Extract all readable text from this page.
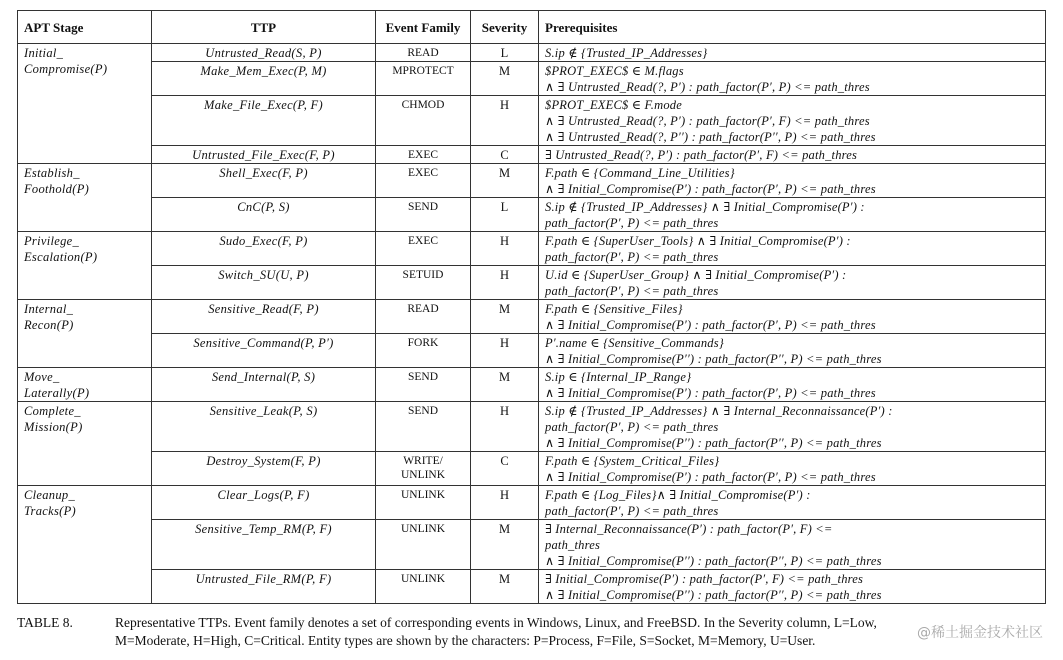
APT Stage	TTP	Event Family	Severity	Prerequisites

Initial_
Compromise(P)	Untrusted_Read(S, P)	READ	L	S.ip ∉ {Trusted_IP_Addresses}

	Make_Mem_Exec(P, M)	MPROTECT	M	$PROT_EXEC$ ∈ M.flags
∧ ∃ Untrusted_Read(?, P′) : path_factor(P′, P) <= path_thres

	Make_File_Exec(P, F)	CHMOD	H	$PROT_EXEC$ ∈ F.mode
∧ ∃ Untrusted_Read(?, P′) : path_factor(P′, F) <= path_thres
∧ ∃ Untrusted_Read(?, P′′) : path_factor(P′′, P) <= path_thres

	Untrusted_File_Exec(F, P)	EXEC	C	∃ Untrusted_Read(?, P′) : path_factor(P′, F) <= path_thres

Establish_
Foothold(P)	Shell_Exec(F, P)	EXEC	M	F.path ∈ {Command_Line_Utilities}
∧ ∃ Initial_Compromise(P′) : path_factor(P′, P) <= path_thres

	CnC(P, S)	SEND	L	S.ip ∉ {Trusted_IP_Addresses} ∧ ∃ Initial_Compromise(P′) :
path_factor(P′, P) <= path_thres

Privilege_
Escalation(P)	Sudo_Exec(F, P)	EXEC	H	F.path ∈ {SuperUser_Tools} ∧ ∃ Initial_Compromise(P′) :
path_factor(P′, P) <= path_thres

	Switch_SU(U, P)	SETUID	H	U.id ∈ {SuperUser_Group} ∧ ∃ Initial_Compromise(P′) :
path_factor(P′, P) <= path_thres

Internal_
Recon(P)	Sensitive_Read(F, P)	READ	M	F.path ∈ {Sensitive_Files}
∧ ∃ Initial_Compromise(P′) : path_factor(P′, P) <= path_thres

	Sensitive_Command(P, P′)	FORK	H	P′.name ∈ {Sensitive_Commands}
∧ ∃ Initial_Compromise(P′′) : path_factor(P′′, P) <= path_thres

Move_
Laterally(P)	Send_Internal(P, S)	SEND	M	S.ip ∈ {Internal_IP_Range}
∧ ∃ Initial_Compromise(P′) : path_factor(P′, P) <= path_thres

Complete_
Mission(P)	Sensitive_Leak(P, S)	SEND	H	S.ip ∉ {Trusted_IP_Addresses} ∧ ∃ Internal_Reconnaissance(P′) :
path_factor(P′, P) <= path_thres
∧ ∃ Initial_Compromise(P′′) : path_factor(P′′, P) <= path_thres

	Destroy_System(F, P)	WRITE/ UNLINK	C	F.path ∈ {System_Critical_Files}
∧ ∃ Initial_Compromise(P′) : path_factor(P′, P) <= path_thres

Cleanup_
Tracks(P)	Clear_Logs(P, F)	UNLINK	H	F.path ∈ {Log_Files}∧ ∃ Initial_Compromise(P′) :
path_factor(P′, P) <= path_thres

	Sensitive_Temp_RM(P, F)	UNLINK	M	∃ Internal_Reconnaissance(P′) : path_factor(P′, F) <=
path_thres
∧ ∃ Initial_Compromise(P′′) : path_factor(P′′, P) <= path_thres

	Untrusted_File_RM(P, F)	UNLINK	M	∃ Initial_Compromise(P′) : path_factor(P′, F) <= path_thres
∧ ∃ Initial_Compromise(P′′) : path_factor(P′′, P) <= path_thres
TABLE 8.	Representative TTPs. Event family denotes a set of corresponding events in Windows, Linux, and FreeBSD. In the Severity column, L=Low,
M=Moderate, H=High, C=Critical. Entity types are shown by the characters: P=Process, F=File, S=Socket, M=Memory, U=User.	@稀土掘金技术社区
